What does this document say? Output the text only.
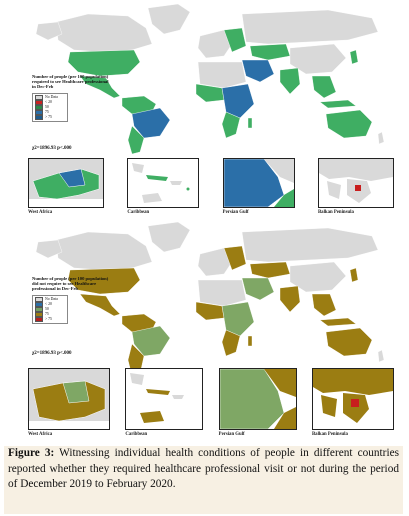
Number of people (per 100 population) required to see Healthcare professional in Dec-Feb
No Data
< 20
50
75
> 75
χ2=1896.93 p<.000
West Africa	Caribbean	Persian Gulf	Balkan Peninsula
Number of people (per 100 population) did not require to see Healthcare professional in Dec-Feb
No Data
< 20
50
75
> 75
χ2=1896.93 p<.000
West Africa	Caribbean	Persian Gulf	Balkan Peninsula
Figure 3: Witnessing individual health conditions of people in different countries reported whether they required healthcare professional visit or not during the period of December 2019 to February 2020.
